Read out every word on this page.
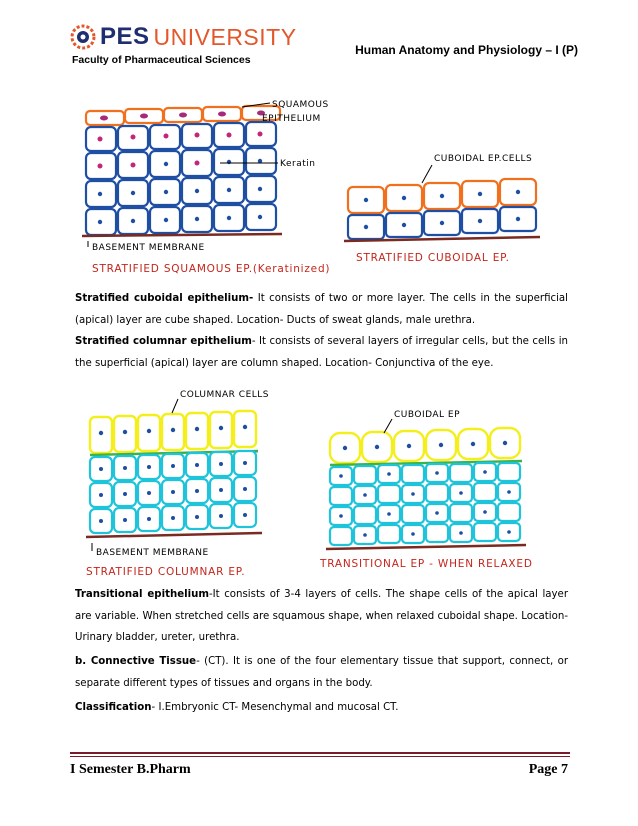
PES UNIVERSITY
Faculty of Pharmaceutical Sciences
Human Anatomy and Physiology – I (P)
SQUAMOUS
EPITHELIUM
Keratin
BASEMENT MEMBRANE
STRATIFIED SQUAMOUS EP.(Keratinized)
CUBOIDAL EP.CELLS
STRATIFIED CUBOIDAL EP.
Stratified cuboidal epithelium- It consists of two or more layer. The cells in the superficial (apical) layer are cube shaped. Location- Ducts of sweat glands, male urethra.
Stratified columnar epithelium- It consists of several layers of irregular cells, but the cells in the superficial (apical) layer are column shaped. Location- Conjunctiva of the eye.
COLUMNAR CELLS
BASEMENT MEMBRANE
STRATIFIED COLUMNAR EP.
CUBOIDAL EP
TRANSITIONAL EP - WHEN RELAXED
Transitional epithelium-It consists of 3-4 layers of cells. The shape cells of the apical layer are variable. When stretched cells are squamous shape, when relaxed cuboidal shape. Location- Urinary bladder, ureter, urethra.
b. Connective Tissue- (CT). It is one of the four elementary tissue that support, connect, or separate different types of tissues and organs in the body.
Classification- I.Embryonic CT- Mesenchymal and mucosal CT.
I Semester B.Pharm	Page 7
